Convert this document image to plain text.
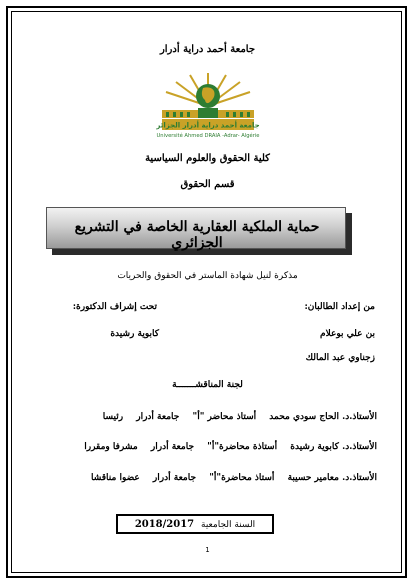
جامعة أحمد دراية أدرار
جامعة أحمد دراية أدرار الجزائر
Université Ahmed DRAIA -Adrar- Algérie
كلية الحقوق والعلوم السياسية
قسم الحقوق
حماية الملكية العقارية الخاصة في التشريع الجزائري
مذكرة لنيل شهادة الماستر في الحقوق والحريات
من إعداد الطالبان:
تحت إشراف الدكتورة:
بن علي بوعلام
كابوية رشيدة
زجناوي عبد المالك
لجنة المناقشـــــــة
الأستاذ.د. الحاج سودي محمد أستاذ محاضر "أ" جامعة أدرار رئيسا
الأستاذ.د. كابوية رشيدة أستاذة محاضرة"أ" جامعة أدرار مشرفا ومقررا
الأستاذ.د. معامير حسيبة أستاذ محاضرة"أ" جامعة أدرار عضوا مناقشا
السنة الجامعية 2018/2017
1
